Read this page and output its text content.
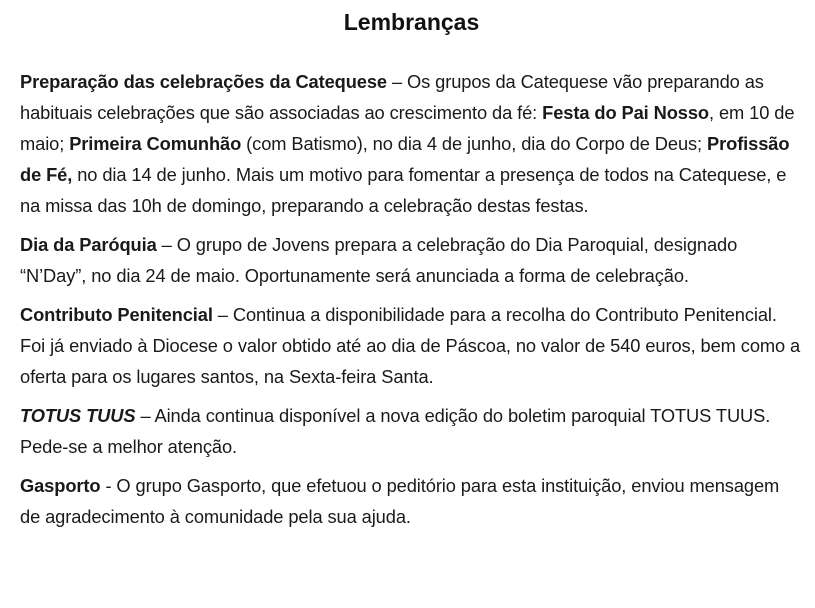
Lembranças

Preparação das celebrações da Catequese – Os grupos da Catequese vão preparando as habituais celebrações que são associadas ao crescimento da fé: Festa do Pai Nosso, em 10 de maio; Primeira Comunhão (com Batismo), no dia 4 de junho, dia do Corpo de Deus; Profissão de Fé, no dia 14 de junho. Mais um motivo para fomentar a presença de todos na Catequese, e na missa das 10h de domingo, preparando a celebração destas festas.

Dia da Paróquia – O grupo de Jovens prepara a celebração do Dia Paroquial, designado “N’Day”, no dia 24 de maio. Oportunamente será anunciada a forma de celebração.

Contributo Penitencial – Continua a disponibilidade para a recolha do Contributo Penitencial. Foi já enviado à Diocese o valor obtido até ao dia de Páscoa, no valor de 540 euros, bem como a oferta para os lugares santos, na Sexta-feira Santa.

TOTUS TUUS – Ainda continua disponível a nova edição do boletim paroquial TOTUS TUUS. Pede-se a melhor atenção.

Gasporto - O grupo Gasporto, que efetuou o peditório para esta instituição, enviou mensagem de agradecimento à comunidade pela sua ajuda.
